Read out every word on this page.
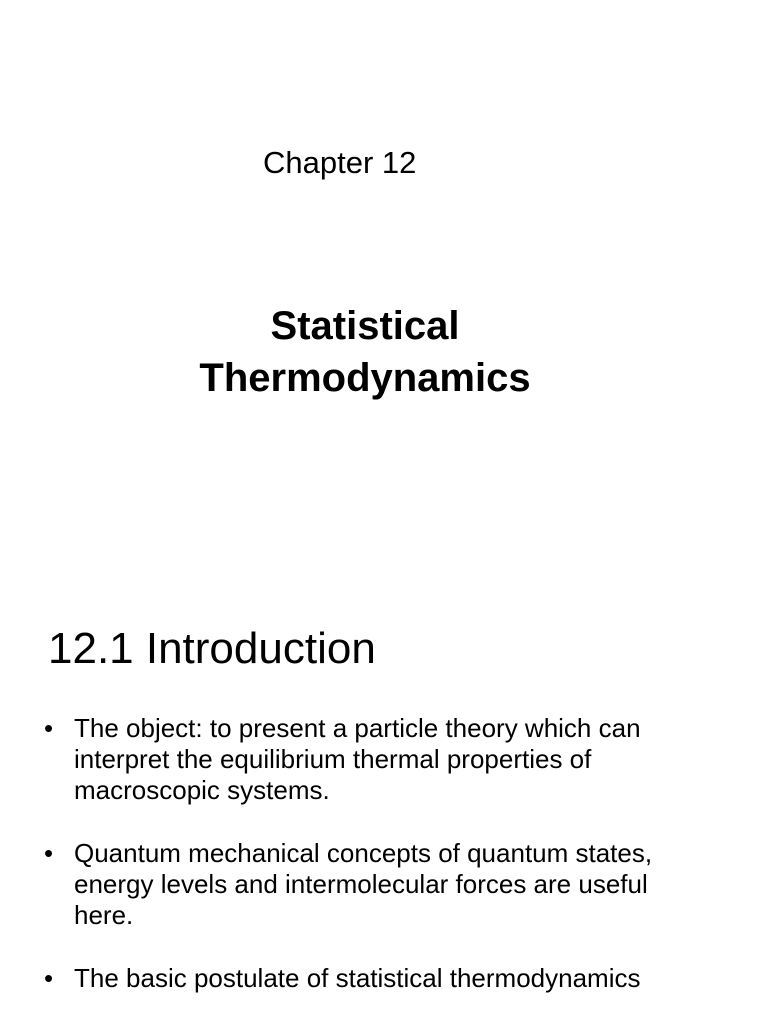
Chapter 12
Statistical
Thermodynamics
12.1 Introduction
• The object: to present a particle theory which can
interpret the equilibrium thermal properties of
macroscopic systems.
• Quantum mechanical concepts of quantum states,
energy levels and intermolecular forces are useful
here.
• The basic postulate of statistical thermodynamics
